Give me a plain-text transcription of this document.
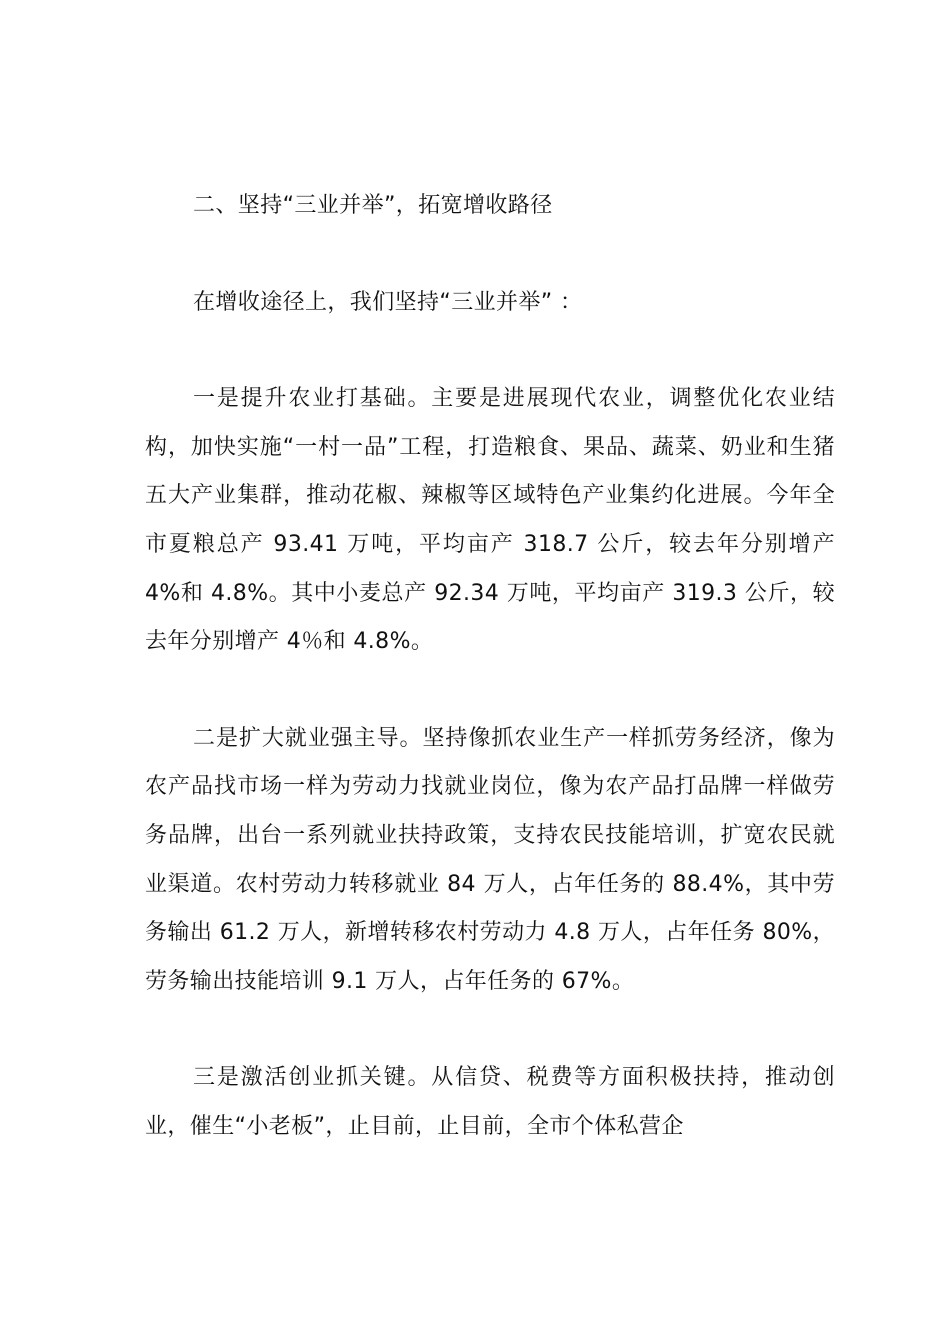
二、坚持“三业并举”，拓宽增收路径

在增收途径上，我们坚持“三业并举” ：

一是提升农业打基础。主要是进展现代农业，调整优化农业结构，加快实施“一村一品”工程，打造粮食、果品、蔬菜、奶业和生猪五大产业集群，推动花椒、辣椒等区域特色产业集约化进展。今年全市夏粮总产 93.41 万吨，平均亩产 318.7 公斤，较去年分别增产 4%和 4.8%。其中小麦总产 92.34 万吨，平均亩产 319.3 公斤，较去年分别增产 4％和 4.8%。

二是扩大就业强主导。坚持像抓农业生产一样抓劳务经济，像为农产品找市场一样为劳动力找就业岗位，像为农产品打品牌一样做劳务品牌，出台一系列就业扶持政策，支持农民技能培训，扩宽农民就业渠道。农村劳动力转移就业 84 万人，占年任务的 88.4%，其中劳务输出 61.2 万人，新增转移农村劳动力 4.8 万人，占年任务 80%，劳务输出技能培训 9.1 万人，占年任务的 67%。

三是激活创业抓关键。从信贷、税费等方面积极扶持，推动创业，催生“小老板”，止目前，止目前，全市个体私营企
